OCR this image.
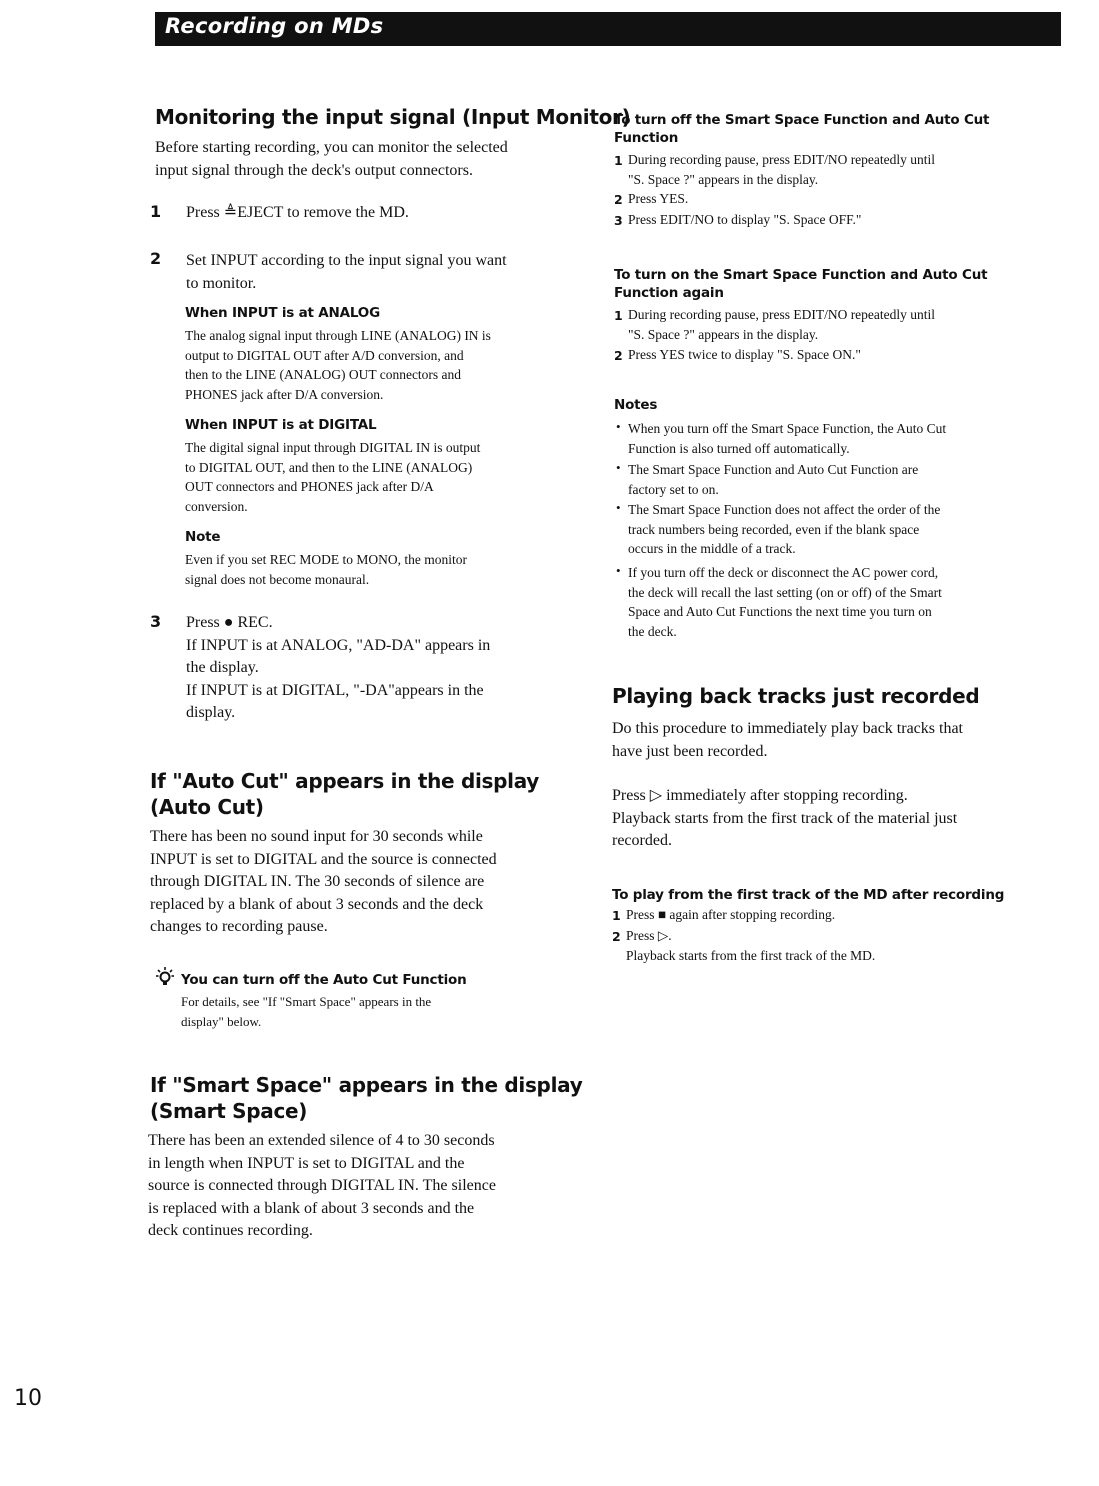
Recording on MDs
Monitoring the input signal (Input Monitor)
Before starting recording, you can monitor the selected
input signal through the deck's output connectors.
1 Press ≜EJECT to remove the MD.
2 Set INPUT according to the input signal you want
to monitor.
When INPUT is at ANALOG
The analog signal input through LINE (ANALOG) IN is
output to DIGITAL OUT after A/D conversion, and
then to the LINE (ANALOG) OUT connectors and
PHONES jack after D/A conversion.
When INPUT is at DIGITAL
The digital signal input through DIGITAL IN is output
to DIGITAL OUT, and then to the LINE (ANALOG)
OUT connectors and PHONES jack after D/A
conversion.
Note
Even if you set REC MODE to MONO, the monitor
signal does not become monaural.
3 Press ● REC.
If INPUT is at ANALOG, "AD-DA" appears in
the display.
If INPUT is at DIGITAL, "-DA"appears in the
display.
If "Auto Cut" appears in the display
(Auto Cut)
There has been no sound input for 30 seconds while
INPUT is set to DIGITAL and the source is connected
through DIGITAL IN. The 30 seconds of silence are
replaced by a blank of about 3 seconds and the deck
changes to recording pause.
You can turn off the Auto Cut Function
For details, see "If "Smart Space" appears in the
display" below.
If "Smart Space" appears in the display
(Smart Space)
There has been an extended silence of 4 to 30 seconds
in length when INPUT is set to DIGITAL and the
source is connected through DIGITAL IN. The silence
is replaced with a blank of about 3 seconds and the
deck continues recording.
To turn off the Smart Space Function and Auto Cut
Function
1 During recording pause, press EDIT/NO repeatedly until
"S. Space ?" appears in the display.
2 Press YES.
3 Press EDIT/NO to display "S. Space OFF."
To turn on the Smart Space Function and Auto Cut
Function again
1 During recording pause, press EDIT/NO repeatedly until
"S. Space ?" appears in the display.
2 Press YES twice to display "S. Space ON."
Notes
• When you turn off the Smart Space Function, the Auto Cut
Function is also turned off automatically.
• The Smart Space Function and Auto Cut Function are
factory set to on.
• The Smart Space Function does not affect the order of the
track numbers being recorded, even if the blank space
occurs in the middle of a track.
• If you turn off the deck or disconnect the AC power cord,
the deck will recall the last setting (on or off) of the Smart
Space and Auto Cut Functions the next time you turn on
the deck.
Playing back tracks just recorded
Do this procedure to immediately play back tracks that
have just been recorded.
Press ▷ immediately after stopping recording.
Playback starts from the first track of the material just
recorded.
To play from the first track of the MD after recording
1 Press ■ again after stopping recording.
2 Press ▷.
Playback starts from the first track of the MD.
10
